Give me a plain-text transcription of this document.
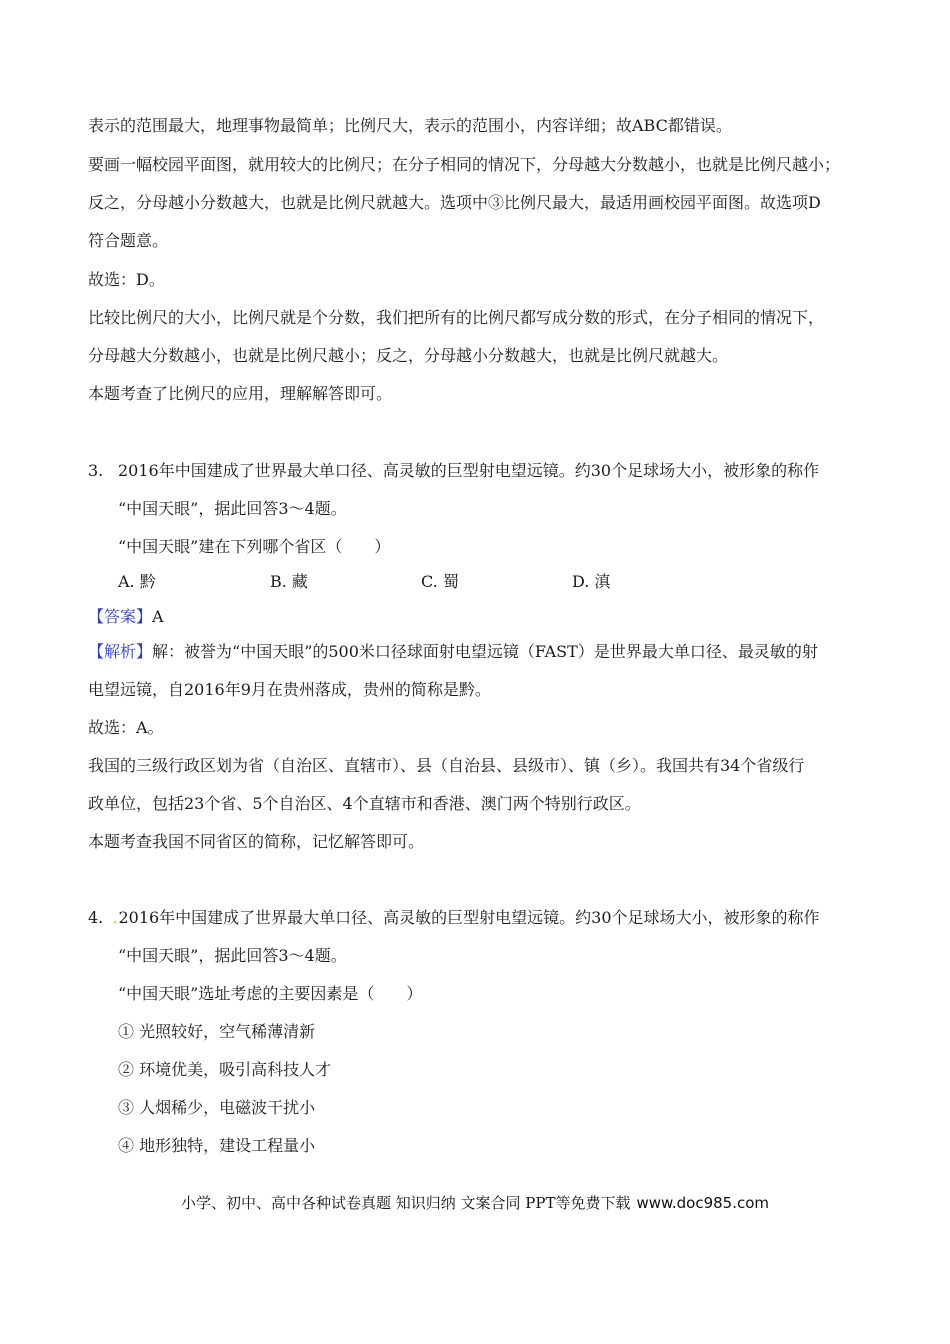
表示的范围最大，地理事物最简单；比例尺大，表示的范围小，内容详细；故ABC都错误。
要画一幅校园平面图，就用较大的比例尺；在分子相同的情况下，分母越大分数越小，也就是比例尺越小；
反之，分母越小分数越大，也就是比例尺就越大。选项中③比例尺最大，最适用画校园平面图。故选项D
符合题意。
故选：D。
比较比例尺的大小，比例尺就是个分数，我们把所有的比例尺都写成分数的形式，在分子相同的情况下，
分母越大分数越小，也就是比例尺越小；反之，分母越小分数越大，也就是比例尺就越大。
本题考查了比例尺的应用，理解解答即可。
3. 2016年中国建成了世界最大单口径、高灵敏的巨型射电望远镜。约30个足球场大小，被形象的称作
“中国天眼”，据此回答3～4题。
“中国天眼”建在下列哪个省区（　　）
A. 黔	B. 藏	C. 蜀	D. 滇
【答案】A
【解析】解：被誉为“中国天眼”的500米口径球面射电望远镜（FAST）是世界最大单口径、最灵敏的射
电望远镜，自2016年9月在贵州落成，贵州的简称是黔。
故选：A。
我国的三级行政区划为省（自治区、直辖市）、县（自治县、县级市）、镇（乡）。我国共有34个省级行
政单位，包括23个省、5个自治区、4个直辖市和香港、澳门两个特别行政区。
本题考查我国不同省区的简称，记忆解答即可。
4. .2016年中国建成了世界最大单口径、高灵敏的巨型射电望远镜。约30个足球场大小，被形象的称作
“中国天眼”，据此回答3～4题。
“中国天眼”选址考虑的主要因素是（　　）
① 光照较好，空气稀薄清新
② 环境优美，吸引高科技人才
③ 人烟稀少，电磁波干扰小
④ 地形独特，建设工程量小
小学、初中、高中各种试卷真题 知识归纳 文案合同 PPT等免费下载 www.doc985.com
